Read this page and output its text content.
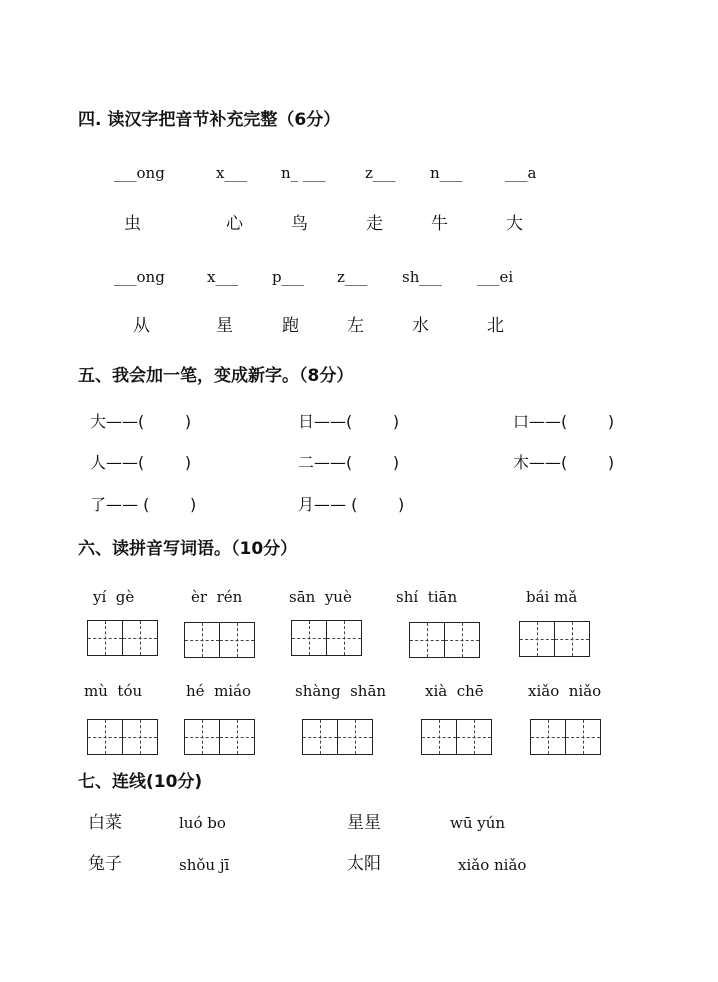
四. 读汉字把音节补充完整（6分）
___ong	x___ n_ ___	z___ n___	___a
虫	心	鸟	走	牛	大
___ong	x___ p___ z___ sh___ ___ei
从	星	跑	左	水	北
五、我会加一笔，变成新字。（8分）
大——(        )	日——(        )	口——(        )
人——(        )	二——(        )	木——(        )
了—— (        )	月—— (        )
六、读拼音写词语。（10分）
yí  gè	èr  rén	sān  yuè	shí  tiān	bái mǎ
mù  tóu	hé  miáo	shàng  shān	xià  chē	xiǎo  niǎo
七、连线(10分)
白菜	luó bo	星星	wū yún
兔子	shǒu jī	太阳	xiǎo niǎo
